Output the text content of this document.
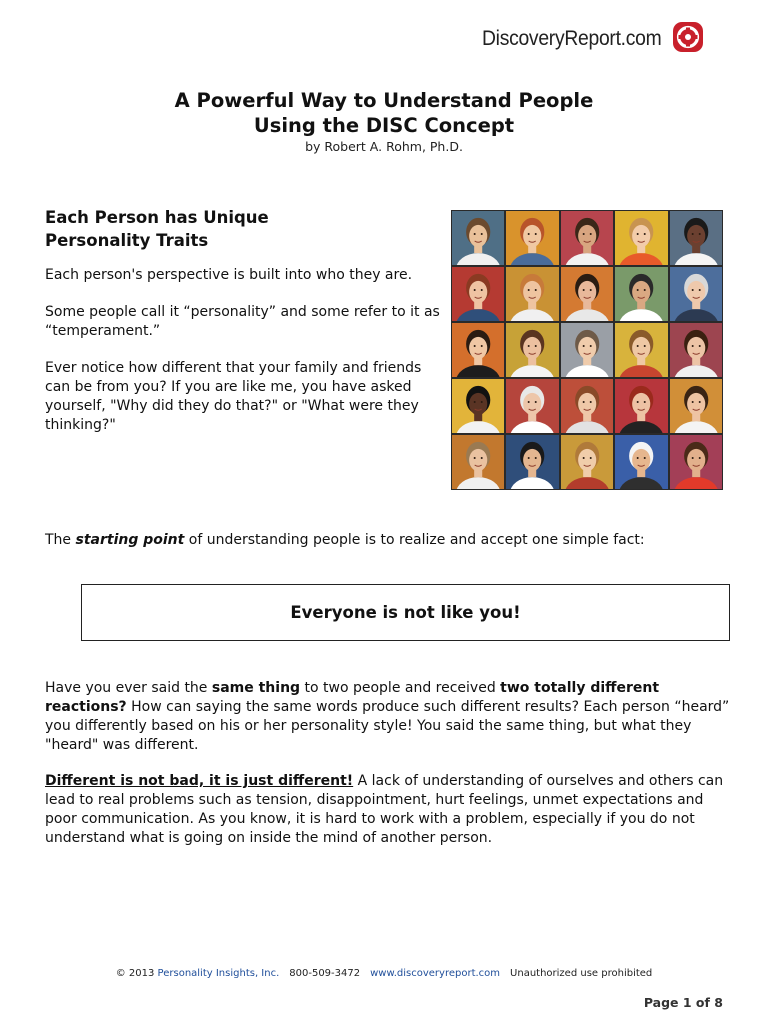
DiscoveryReport.com
A Powerful Way to Understand People
Using the DISC Concept
by Robert A. Rohm, Ph.D.
Each Person has Unique
Personality Traits

Each person's perspective is built into who they are.

Some people call it “personality” and some refer to it as “temperament.”

Ever notice how different that your family and friends can be from you? If you are like me, you have asked yourself, "Why did they do that?" or "What were they thinking?"

The starting point of understanding people is to realize and accept one simple fact:
Everyone is not like you!
Have you ever said the same thing to two people and received two totally different reactions? How can saying the same words produce such different results? Each person “heard” you differently based on his or her personality style! You said the same thing, but what they "heard" was different.
Different is not bad, it is just different! A lack of understanding of ourselves and others can lead to real problems such as tension, disappointment, hurt feelings, unmet expectations and poor communication. As you know, it is hard to work with a problem, especially if you do not understand what is going on inside the mind of another person.
© 2013 Personality Insights, Inc. 800-509-3472 www.discoveryreport.com Unauthorized use prohibited
Page 1 of 8
